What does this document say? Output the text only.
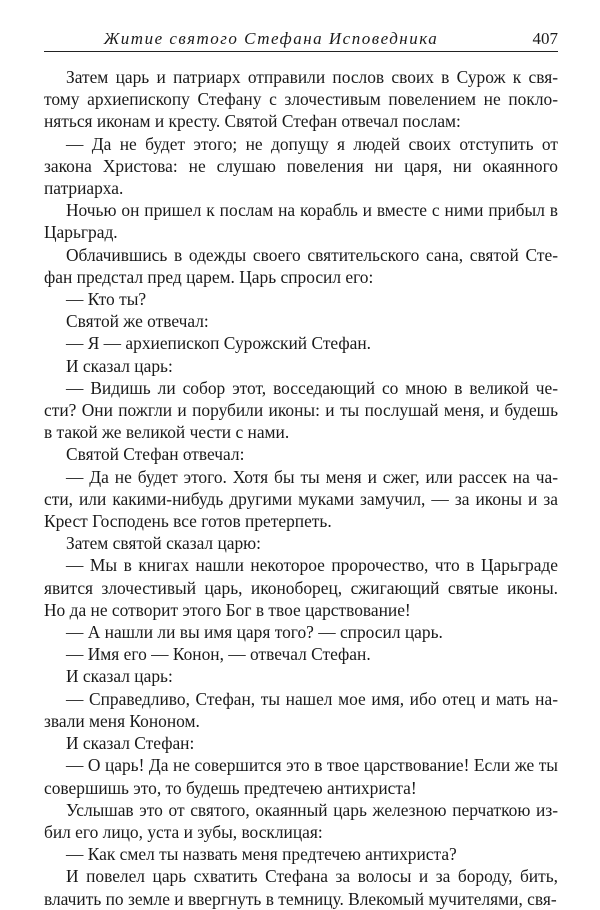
Житие святого Стефана Исповедника	407

Затем царь и патриарх отправили послов своих в Сурож к святому архиепископу Стефану с злочестивым повелением не поклоняться иконам и кресту. Святой Стефан отвечал послам:

— Да не будет этого; не допущу я людей своих отступить от закона Христова: не слушаю повеления ни царя, ни окаянного патриарха.

Ночью он пришел к послам на корабль и вместе с ними прибыл в Царьград.

Облачившись в одежды своего святительского сана, святой Стефан предстал пред царем. Царь спросил его:

— Кто ты?

Святой же отвечал:

— Я — архиепископ Сурожский Стефан.

И сказал царь:

— Видишь ли собор этот, восседающий со мною в великой чести? Они пожгли и порубили иконы: и ты послушай меня, и будешь в такой же великой чести с нами.

Святой Стефан отвечал:

— Да не будет этого. Хотя бы ты меня и сжег, или рассек на части, или какими-нибудь другими муками замучил, — за иконы и за Крест Господень все готов претерпеть.

Затем святой сказал царю:

— Мы в книгах нашли некоторое пророчество, что в Царьграде явится злочестивый царь, иконоборец, сжигающий святые иконы. Но да не сотворит этого Бог в твое царствование!

— А нашли ли вы имя царя того? — спросил царь.

— Имя его — Конон, — отвечал Стефан.

И сказал царь:

— Справедливо, Стефан, ты нашел мое имя, ибо отец и мать назвали меня Кононом.

И сказал Стефан:

— О царь! Да не совершится это в твое царствование! Если же ты совершишь это, то будешь предтечею антихриста!

Услышав это от святого, окаянный царь железною перчаткою избил его лицо, уста и зубы, восклицая:

— Как смел ты назвать меня предтечею антихриста?

И повелел царь схватить Стефана за волосы и за бороду, бить, влачить по земле и ввергнуть в темницу. Влекомый мучителями, свя-
